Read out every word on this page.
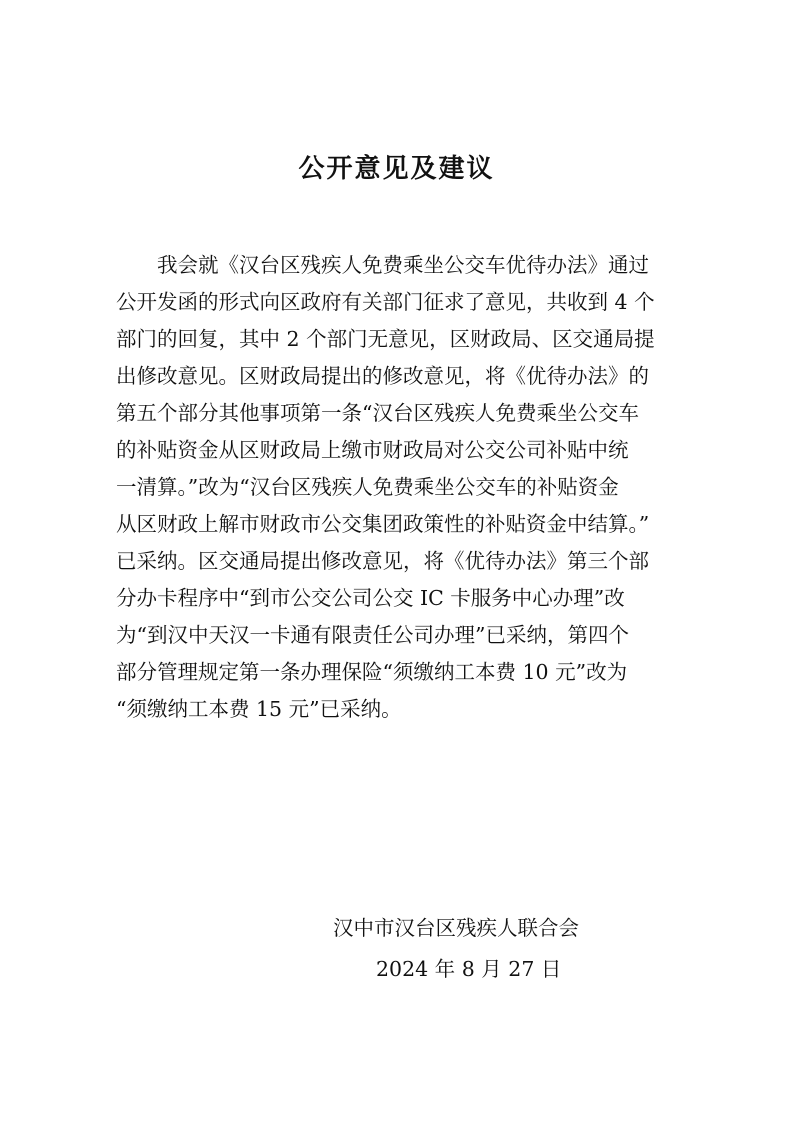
公开意见及建议
我会就《汉台区残疾人免费乘坐公交车优待办法》通过
公开发函的形式向区政府有关部门征求了意见，共收到 4 个
部门的回复，其中 2 个部门无意见，区财政局、区交通局提
出修改意见。区财政局提出的修改意见，将《优待办法》的
第五个部分其他事项第一条“汉台区残疾人免费乘坐公交车
的补贴资金从区财政局上缴市财政局对公交公司补贴中统
一清算。”改为“汉台区残疾人免费乘坐公交车的补贴资金
从区财政上解市财政市公交集团政策性的补贴资金中结算。”
已采纳。区交通局提出修改意见，将《优待办法》第三个部
分办卡程序中“到市公交公司公交 IC 卡服务中心办理”改
为“到汉中天汉一卡通有限责任公司办理”已采纳，第四个
部分管理规定第一条办理保险“须缴纳工本费 10 元”改为
“须缴纳工本费 15 元”已采纳。
汉中市汉台区残疾人联合会
2024 年 8 月 27 日
